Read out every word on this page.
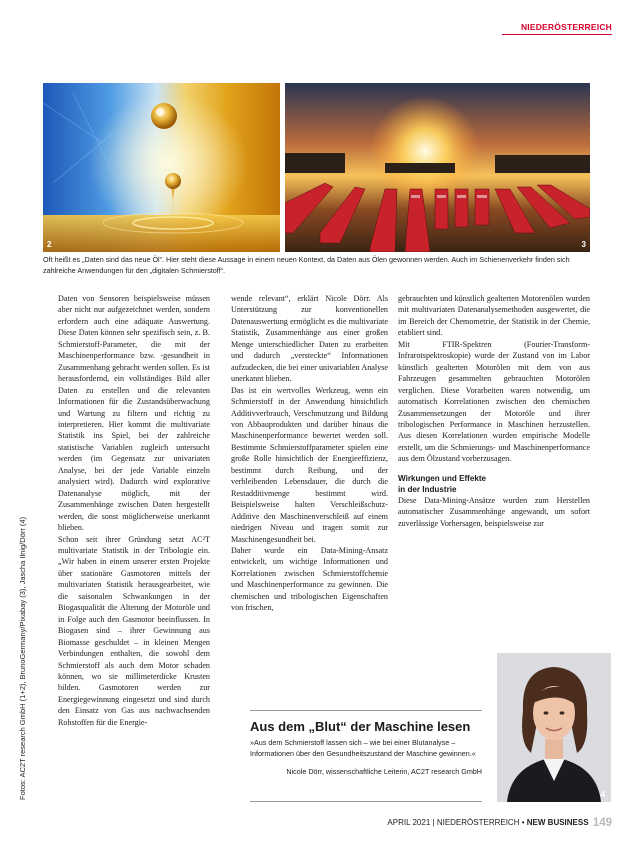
NIEDERÖSTERREICH
2	3
Oft heißt es „Daten sind das neue Öl“. Hier steht diese Aussage in einem neuen Kontext, da Daten aus Ölen gewonnen werden. Auch im Schienenverkehr finden sich zahlreiche Anwendungen für den „digitalen Schmierstoff“.
Fotos: AC2T research GmbH (1+2), BrunoGermany/Pixabay (3), Jascha Ilnig/Dörr (4)

Daten von Sensoren beispielsweise müssen aber nicht nur aufgezeichnet werden, sondern erfordern auch eine adäquate Auswertung. Diese Daten können sehr spezifisch sein, z. B. Schmierstoff-Parameter, die mit der Maschinenperformance bzw. -gesundheit in Zusammenhang gebracht werden sollen. Es ist herausfordernd, ein vollständiges Bild aller Daten zu erstellen und die relevanten Informationen für die Zustandsüberwachung und Wartung zu filtern und richtig zu interpretieren. Hier kommt die multivariate Statistik ins Spiel, bei der zahlreiche statistische Variablen zugleich untersucht werden (im Gegensatz zur univariaten Analyse, bei der jede Variable einzeln analysiert wird). Dadurch wird explorative Datenanalyse möglich, mit der Zusammenhänge zwischen Daten hergestellt werden, die sonst möglicherweise unerkannt blieben.

Schon seit ihrer Gründung setzt AC²T multivariate Statistik in der Tribologie ein. „Wir haben in einem unserer ersten Projekte über stationäre Gasmotoren mittels der multivariaten Statistik herausgearbeitet, wie die saisonalen Schwankungen in der Biogasqualität die Alterung der Motoröle und in Folge auch den Gasmotor beeinflussen. In Biogasen sind – ihrer Gewinnung aus Biomasse geschuldet – in kleinen Mengen Verbindungen enthalten, die sowohl dem Schmierstoff als auch dem Motor schaden können, wo sie millimeterdicke Krusten bilden. Gasmotoren werden zur Energiegewinnung eingesetzt und sind durch den Einsatz von Gas aus nachwachsenden Rohstoffen für die Energie-

wende relevant“, erklärt Nicole Dörr. Als Unterstützung zur konventionellen Datenauswertung ermöglicht es die multivariate Statistik, Zusammenhänge aus einer großen Menge unterschiedlicher Daten zu erarbeiten und dadurch „versteckte“ Informationen aufzudecken, die bei einer univariablen Analyse unerkannt blieben.

Das ist ein wertvolles Werkzeug, wenn ein Schmierstoff in der Anwendung hinsichtlich Additivverbrauch, Verschmutzung und Bildung von Abbauprodukten und darüber hinaus die Maschinenperformance bewertet werden soll. Bestimmte Schmierstoffparameter spielen eine große Rolle hinsichtlich der Energieeffizienz, bestimmt durch Reibung, und der verbleibenden Lebensdauer, die durch die Restadditivmenge bestimmt wird. Beispielsweise halten Verschleißschutz-Additive den Maschinenverschleiß auf einem niedrigen Niveau und tragen somit zur Maschinengesundheit bei.

Daher wurde ein Data-Mining-Ansatz entwickelt, um wichtige Informationen und Korrelationen zwischen Schmierstoffchemie und Maschinenperformance zu gewinnen. Die chemischen und tribologischen Eigenschaften von frischen,

gebrauchten und künstlich gealterten Motorenölen wurden mit multivariaten Datenanalysemethoden ausgewertet, die im Bereich der Chemometrie, der Statistik in der Chemie, etabliert sind.

Mit FTIR-Spektren (Fourier-Transform-Infrarotspektroskopie) wurde der Zustand von im Labor künstlich gealterten Motorölen mit dem von aus Fahrzeugen gesammelten gebrauchten Motorölen verglichen. Diese Vorarbeiten waren notwendig, um automatisch Korrelationen zwischen den chemischen Zusammensetzungen der Motoröle und ihrer tribologischen Performance in Maschinen herzustellen. Aus diesen Korrelationen wurden empirische Modelle erstellt, um die Schmierungs- und Maschinenperformance aus dem Ölzustand vorherzusagen.

Wirkungen und Effekte
in der Industrie

Diese Data-Mining-Ansätze wurden zum Herstellen automatischer Zusammenhänge angewandt, um sofort zuverlässige Vorhersagen, beispielsweise zur

Aus dem „Blut“ der Maschine lesen
»Aus dem Schmierstoff lassen sich – wie bei einer Blutanalyse – Informationen über den Gesundheitszustand der Maschine gewinnen.«
Nicole Dörr, wissenschaftliche Leiterin, AC2T research GmbH
4
APRIL 2021 | NIEDERÖSTERREICH • NEW BUSINESS 149
